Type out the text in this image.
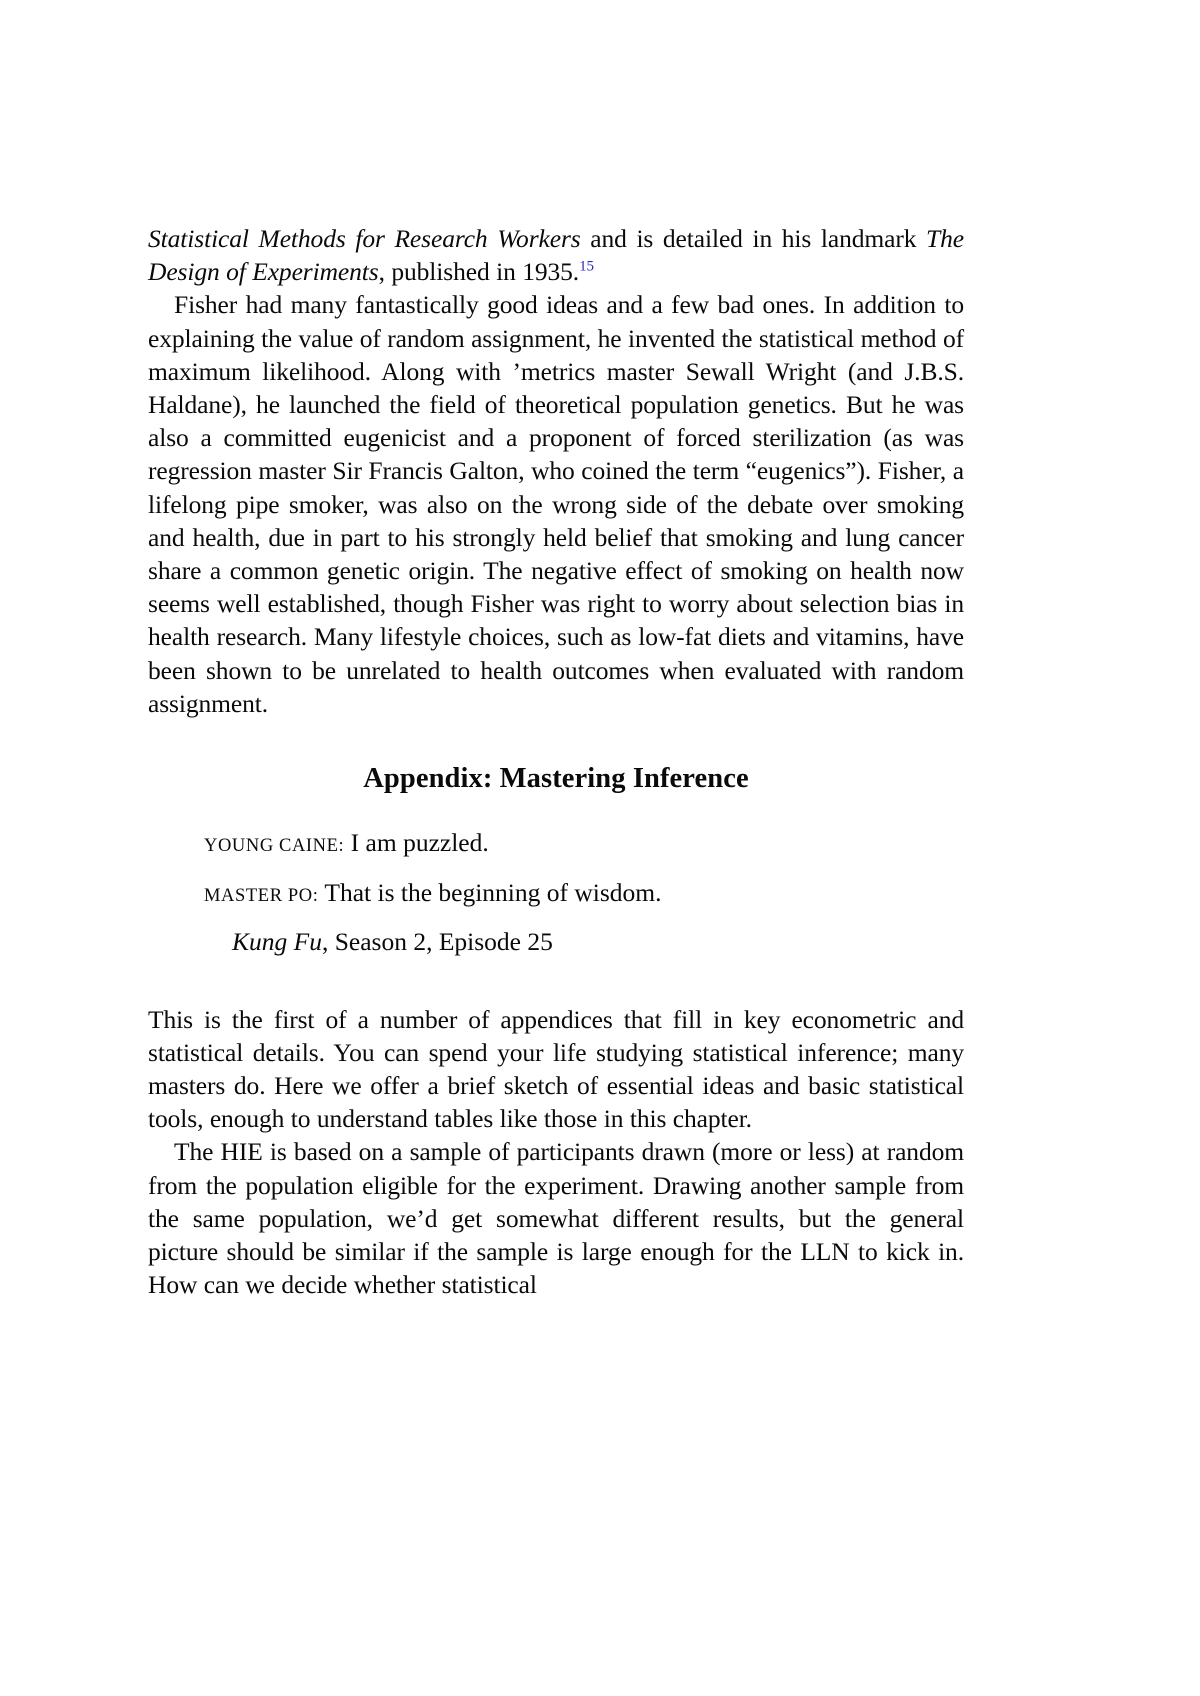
Statistical Methods for Research Workers and is detailed in his landmark The Design of Experiments, published in 1935.15

Fisher had many fantastically good ideas and a few bad ones. In addition to explaining the value of random assignment, he invented the statistical method of maximum likelihood. Along with ’metrics master Sewall Wright (and J.B.S. Haldane), he launched the field of theoretical population genetics. But he was also a committed eugenicist and a proponent of forced sterilization (as was regression master Sir Francis Galton, who coined the term “eugenics”). Fisher, a lifelong pipe smoker, was also on the wrong side of the debate over smoking and health, due in part to his strongly held belief that smoking and lung cancer share a common genetic origin. The negative effect of smoking on health now seems well established, though Fisher was right to worry about selection bias in health research. Many lifestyle choices, such as low-fat diets and vitamins, have been shown to be unrelated to health outcomes when evaluated with random assignment.

Appendix: Mastering Inference

YOUNG CAINE: I am puzzled.

MASTER PO: That is the beginning of wisdom.

Kung Fu, Season 2, Episode 25

This is the first of a number of appendices that fill in key econometric and statistical details. You can spend your life studying statistical inference; many masters do. Here we offer a brief sketch of essential ideas and basic statistical tools, enough to understand tables like those in this chapter.

The HIE is based on a sample of participants drawn (more or less) at random from the population eligible for the experiment. Drawing another sample from the same population, we’d get somewhat different results, but the general picture should be similar if the sample is large enough for the LLN to kick in. How can we decide whether statistical
